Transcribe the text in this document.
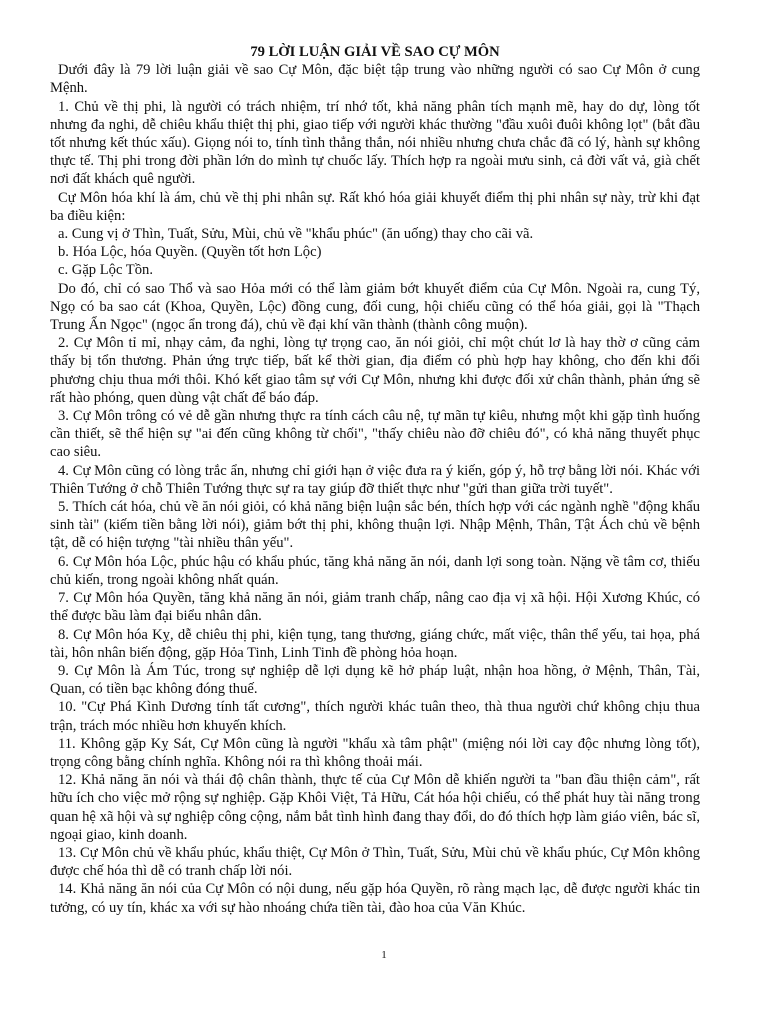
79 LỜI LUẬN GIẢI VỀ SAO CỰ MÔN

Dưới đây là 79 lời luận giải về sao Cự Môn, đặc biệt tập trung vào những người có sao Cự Môn ở cung Mệnh.

1. Chủ về thị phi, là người có trách nhiệm, trí nhớ tốt, khả năng phân tích mạnh mẽ, hay do dự, lòng tốt nhưng đa nghi, dễ chiêu khẩu thiệt thị phi, giao tiếp với người khác thường "đầu xuôi đuôi không lọt" (bắt đầu tốt nhưng kết thúc xấu). Giọng nói to, tính tình thẳng thắn, nói nhiều nhưng chưa chắc đã có lý, hành sự không thực tế. Thị phi trong đời phần lớn do mình tự chuốc lấy. Thích hợp ra ngoài mưu sinh, cả đời vất vả, già chết nơi đất khách quê người.

Cự Môn hóa khí là ám, chủ về thị phi nhân sự. Rất khó hóa giải khuyết điểm thị phi nhân sự này, trừ khi đạt ba điều kiện:

a. Cung vị ở Thìn, Tuất, Sửu, Mùi, chủ về "khẩu phúc" (ăn uống) thay cho cãi vã.

b. Hóa Lộc, hóa Quyền. (Quyền tốt hơn Lộc)

c. Gặp Lộc Tồn.

Do đó, chỉ có sao Thổ và sao Hỏa mới có thể làm giảm bớt khuyết điểm của Cự Môn. Ngoài ra, cung Tý, Ngọ có ba sao cát (Khoa, Quyền, Lộc) đồng cung, đối cung, hội chiếu cũng có thể hóa giải, gọi là "Thạch Trung Ẩn Ngọc" (ngọc ẩn trong đá), chủ về đại khí vãn thành (thành công muộn).

2. Cự Môn tỉ mỉ, nhạy cảm, đa nghi, lòng tự trọng cao, ăn nói giỏi, chỉ một chút lơ là hay thờ ơ cũng cảm thấy bị tổn thương. Phản ứng trực tiếp, bất kể thời gian, địa điểm có phù hợp hay không, cho đến khi đối phương chịu thua mới thôi. Khó kết giao tâm sự với Cự Môn, nhưng khi được đối xử chân thành, phản ứng sẽ rất hào phóng, quen dùng vật chất để báo đáp.

3. Cự Môn trông có vẻ dễ gần nhưng thực ra tính cách câu nệ, tự mãn tự kiêu, nhưng một khi gặp tình huống cần thiết, sẽ thể hiện sự "ai đến cũng không từ chối", "thấy chiêu nào đỡ chiêu đó", có khả năng thuyết phục cao siêu.

4. Cự Môn cũng có lòng trắc ẩn, nhưng chỉ giới hạn ở việc đưa ra ý kiến, góp ý, hỗ trợ bằng lời nói. Khác với Thiên Tướng ở chỗ Thiên Tướng thực sự ra tay giúp đỡ thiết thực như "gửi than giữa trời tuyết".

5. Thích cát hóa, chủ về ăn nói giỏi, có khả năng biện luận sắc bén, thích hợp với các ngành nghề "động khẩu sinh tài" (kiếm tiền bằng lời nói), giảm bớt thị phi, không thuận lợi. Nhập Mệnh, Thân, Tật Ách chủ về bệnh tật, dễ có hiện tượng "tài nhiều thân yếu".

6. Cự Môn hóa Lộc, phúc hậu có khẩu phúc, tăng khả năng ăn nói, danh lợi song toàn. Nặng về tâm cơ, thiếu chủ kiến, trong ngoài không nhất quán.

7. Cự Môn hóa Quyền, tăng khả năng ăn nói, giảm tranh chấp, nâng cao địa vị xã hội. Hội Xương Khúc, có thể được bầu làm đại biểu nhân dân.

8. Cự Môn hóa Kỵ, dễ chiêu thị phi, kiện tụng, tang thương, giáng chức, mất việc, thân thể yếu, tai họa, phá tài, hôn nhân biến động, gặp Hỏa Tinh, Linh Tinh đề phòng hỏa hoạn.

9. Cự Môn là Ám Túc, trong sự nghiệp dễ lợi dụng kẽ hở pháp luật, nhận hoa hồng, ở Mệnh, Thân, Tài, Quan, có tiền bạc không đóng thuế.

10. "Cự Phá Kình Dương tính tất cương", thích người khác tuân theo, thà thua người chứ không chịu thua trận, trách móc nhiều hơn khuyến khích.

11. Không gặp Kỵ Sát, Cự Môn cũng là người "khẩu xà tâm phật" (miệng nói lời cay độc nhưng lòng tốt), trọng công bằng chính nghĩa. Không nói ra thì không thoải mái.

12. Khả năng ăn nói và thái độ chân thành, thực tế của Cự Môn dễ khiến người ta "ban đầu thiện cảm", rất hữu ích cho việc mở rộng sự nghiệp. Gặp Khôi Việt, Tả Hữu, Cát hóa hội chiếu, có thể phát huy tài năng trong quan hệ xã hội và sự nghiệp công cộng, nắm bắt tình hình đang thay đổi, do đó thích hợp làm giáo viên, bác sĩ, ngoại giao, kinh doanh.

13. Cự Môn chủ về khẩu phúc, khẩu thiệt, Cự Môn ở Thìn, Tuất, Sửu, Mùi chủ về khẩu phúc, Cự Môn không được chế hóa thì dễ có tranh chấp lời nói.

14. Khả năng ăn nói của Cự Môn có nội dung, nếu gặp hóa Quyền, rõ ràng mạch lạc, dễ được người khác tin tưởng, có uy tín, khác xa với sự hào nhoáng chứa tiền tài, đào hoa của Văn Khúc.

1
